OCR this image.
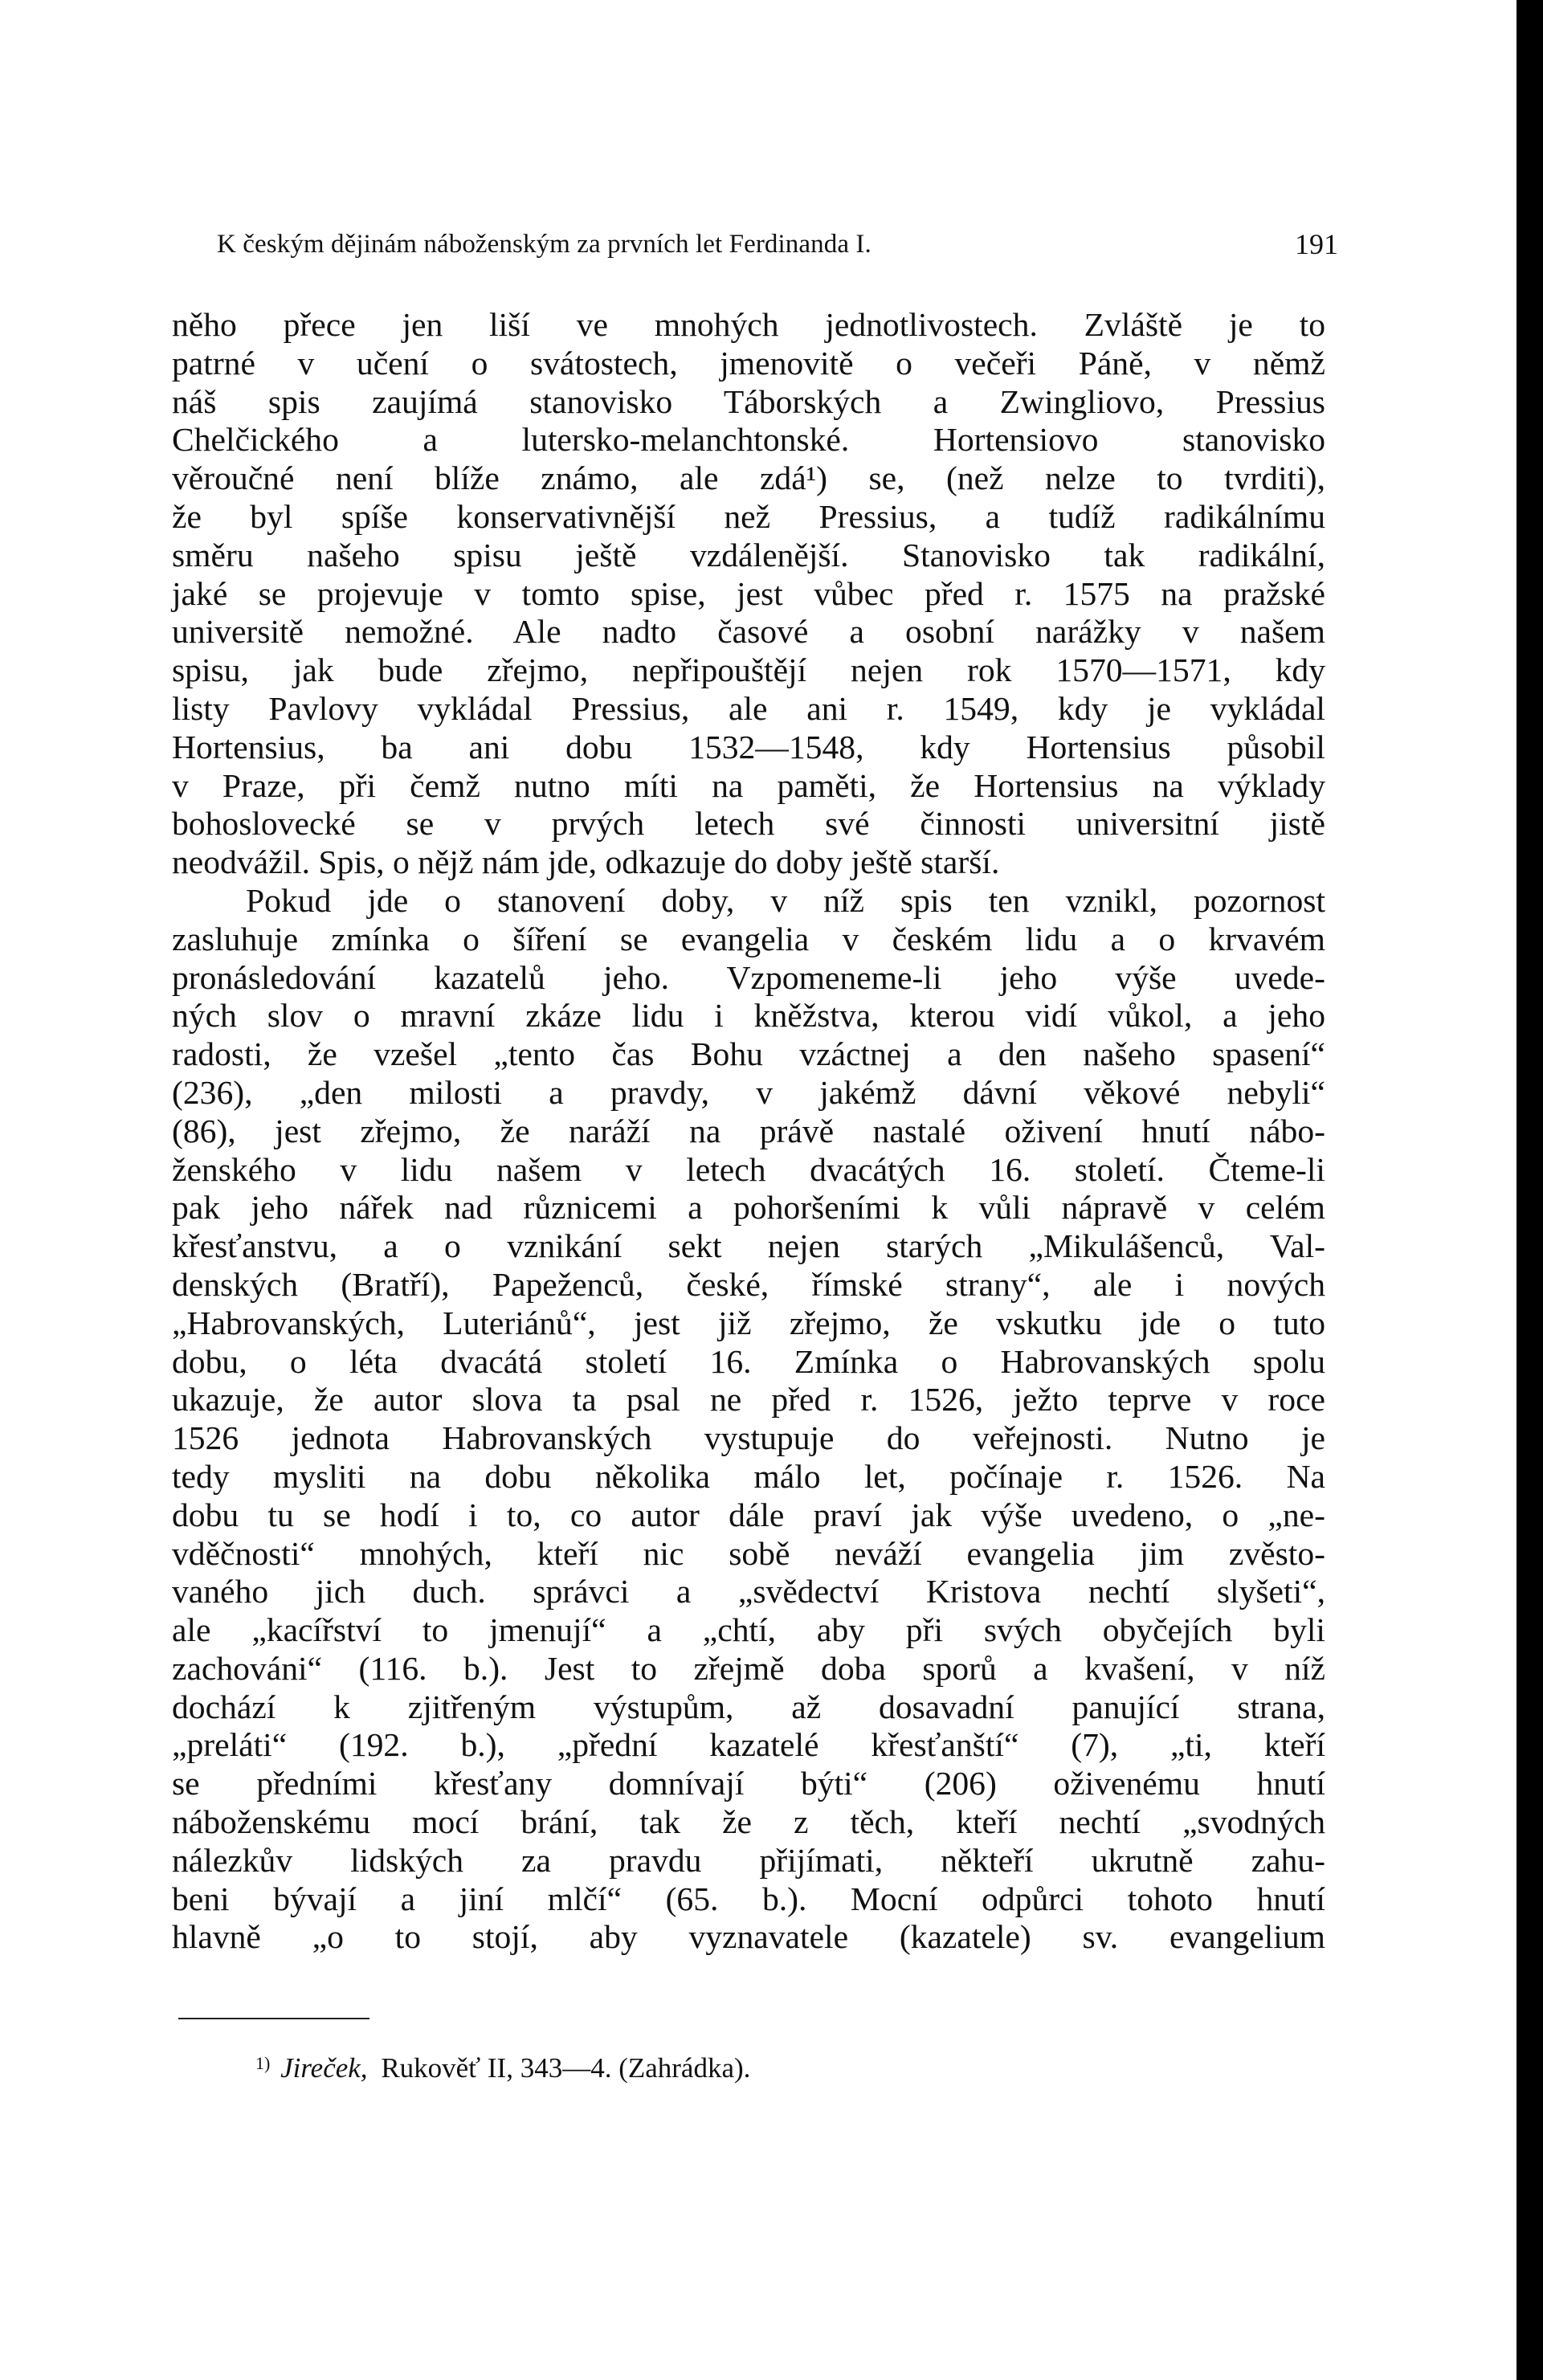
K českým dějinám náboženským za prvních let Ferdinanda I.	191
něho přece jen liší ve mnohých jednotlivostech. Zvláště je to
patrné v učení o svátostech, jmenovitě o večeři Páně, v němž
náš spis zaujímá stanovisko Táborských a Zwingliovo, Pressius
Chelčického a lutersko-melanchtonské. Hortensiovo stanovisko
věroučné není blíže známo, ale zdá¹) se, (než nelze to tvrditi),
že byl spíše konservativnější než Pressius, a tudíž radikálnímu
směru našeho spisu ještě vzdálenější. Stanovisko tak radikální,
jaké se projevuje v tomto spise, jest vůbec před r. 1575 na pražské
universitě nemožné. Ale nadto časové a osobní narážky v našem
spisu, jak bude zřejmo, nepřipouštějí nejen rok 1570—1571, kdy
listy Pavlovy vykládal Pressius, ale ani r. 1549, kdy je vykládal
Hortensius, ba ani dobu 1532—1548, kdy Hortensius působil
v Praze, při čemž nutno míti na paměti, že Hortensius na výklady
bohoslovecké se v prvých letech své činnosti universitní jistě
neodvážil. Spis, o nějž nám jde, odkazuje do doby ještě starší.
Pokud jde o stanovení doby, v níž spis ten vznikl, pozornost
zasluhuje zmínka o šíření se evangelia v českém lidu a o krvavém
pronásledování kazatelů jeho. Vzpomeneme-li jeho výše uvede-
ných slov o mravní zkáze lidu i kněžstva, kterou vidí vůkol, a jeho
radosti, že vzešel „tento čas Bohu vzáctnej a den našeho spasení“
(236), „den milosti a pravdy, v jakémž dávní věkové nebyli“
(86), jest zřejmo, že naráží na právě nastalé oživení hnutí nábo-
ženského v lidu našem v letech dvacátých 16. století. Čteme-li
pak jeho nářek nad různicemi a pohoršeními k vůli nápravě v celém
křesťanstvu, a o vznikání sekt nejen starých „Mikulášenců, Val-
denských (Bratří), Papeženců, české, římské strany“, ale i nových
„Habrovanských, Luteriánů“, jest již zřejmo, že vskutku jde o tuto
dobu, o léta dvacátá století 16. Zmínka o Habrovanských spolu
ukazuje, že autor slova ta psal ne před r. 1526, ježto teprve v roce
1526 jednota Habrovanských vystupuje do veřejnosti. Nutno je
tedy mysliti na dobu několika málo let, počínaje r. 1526. Na
dobu tu se hodí i to, co autor dále praví jak výše uvedeno, o „ne-
vděčnosti“ mnohých, kteří nic sobě neváží evangelia jim zvěsto-
vaného jich duch. správci a „svědectví Kristova nechtí slyšeti“,
ale „kacířství to jmenují“ a „chtí, aby při svých obyčejích byli
zachováni“ (116. b.). Jest to zřejmě doba sporů a kvašení, v níž
dochází k zjitřeným výstupům, až dosavadní panující strana,
„preláti“ (192. b.), „přední kazatelé křesťanští“ (7), „ti, kteří
se předními křesťany domnívají býti“ (206) oživenému hnutí
náboženskému mocí brání, tak že z těch, kteří nechtí „svodných
nálezkův lidských za pravdu přijímati, někteří ukrutně zahu-
beni bývají a jiní mlčí“ (65. b.). Mocní odpůrci tohoto hnutí
hlavně „o to stojí, aby vyznavatele (kazatele) sv. evangelium
$^{1)}$ Jireček, Rukověť II, 343—4. (Zahrádka).
